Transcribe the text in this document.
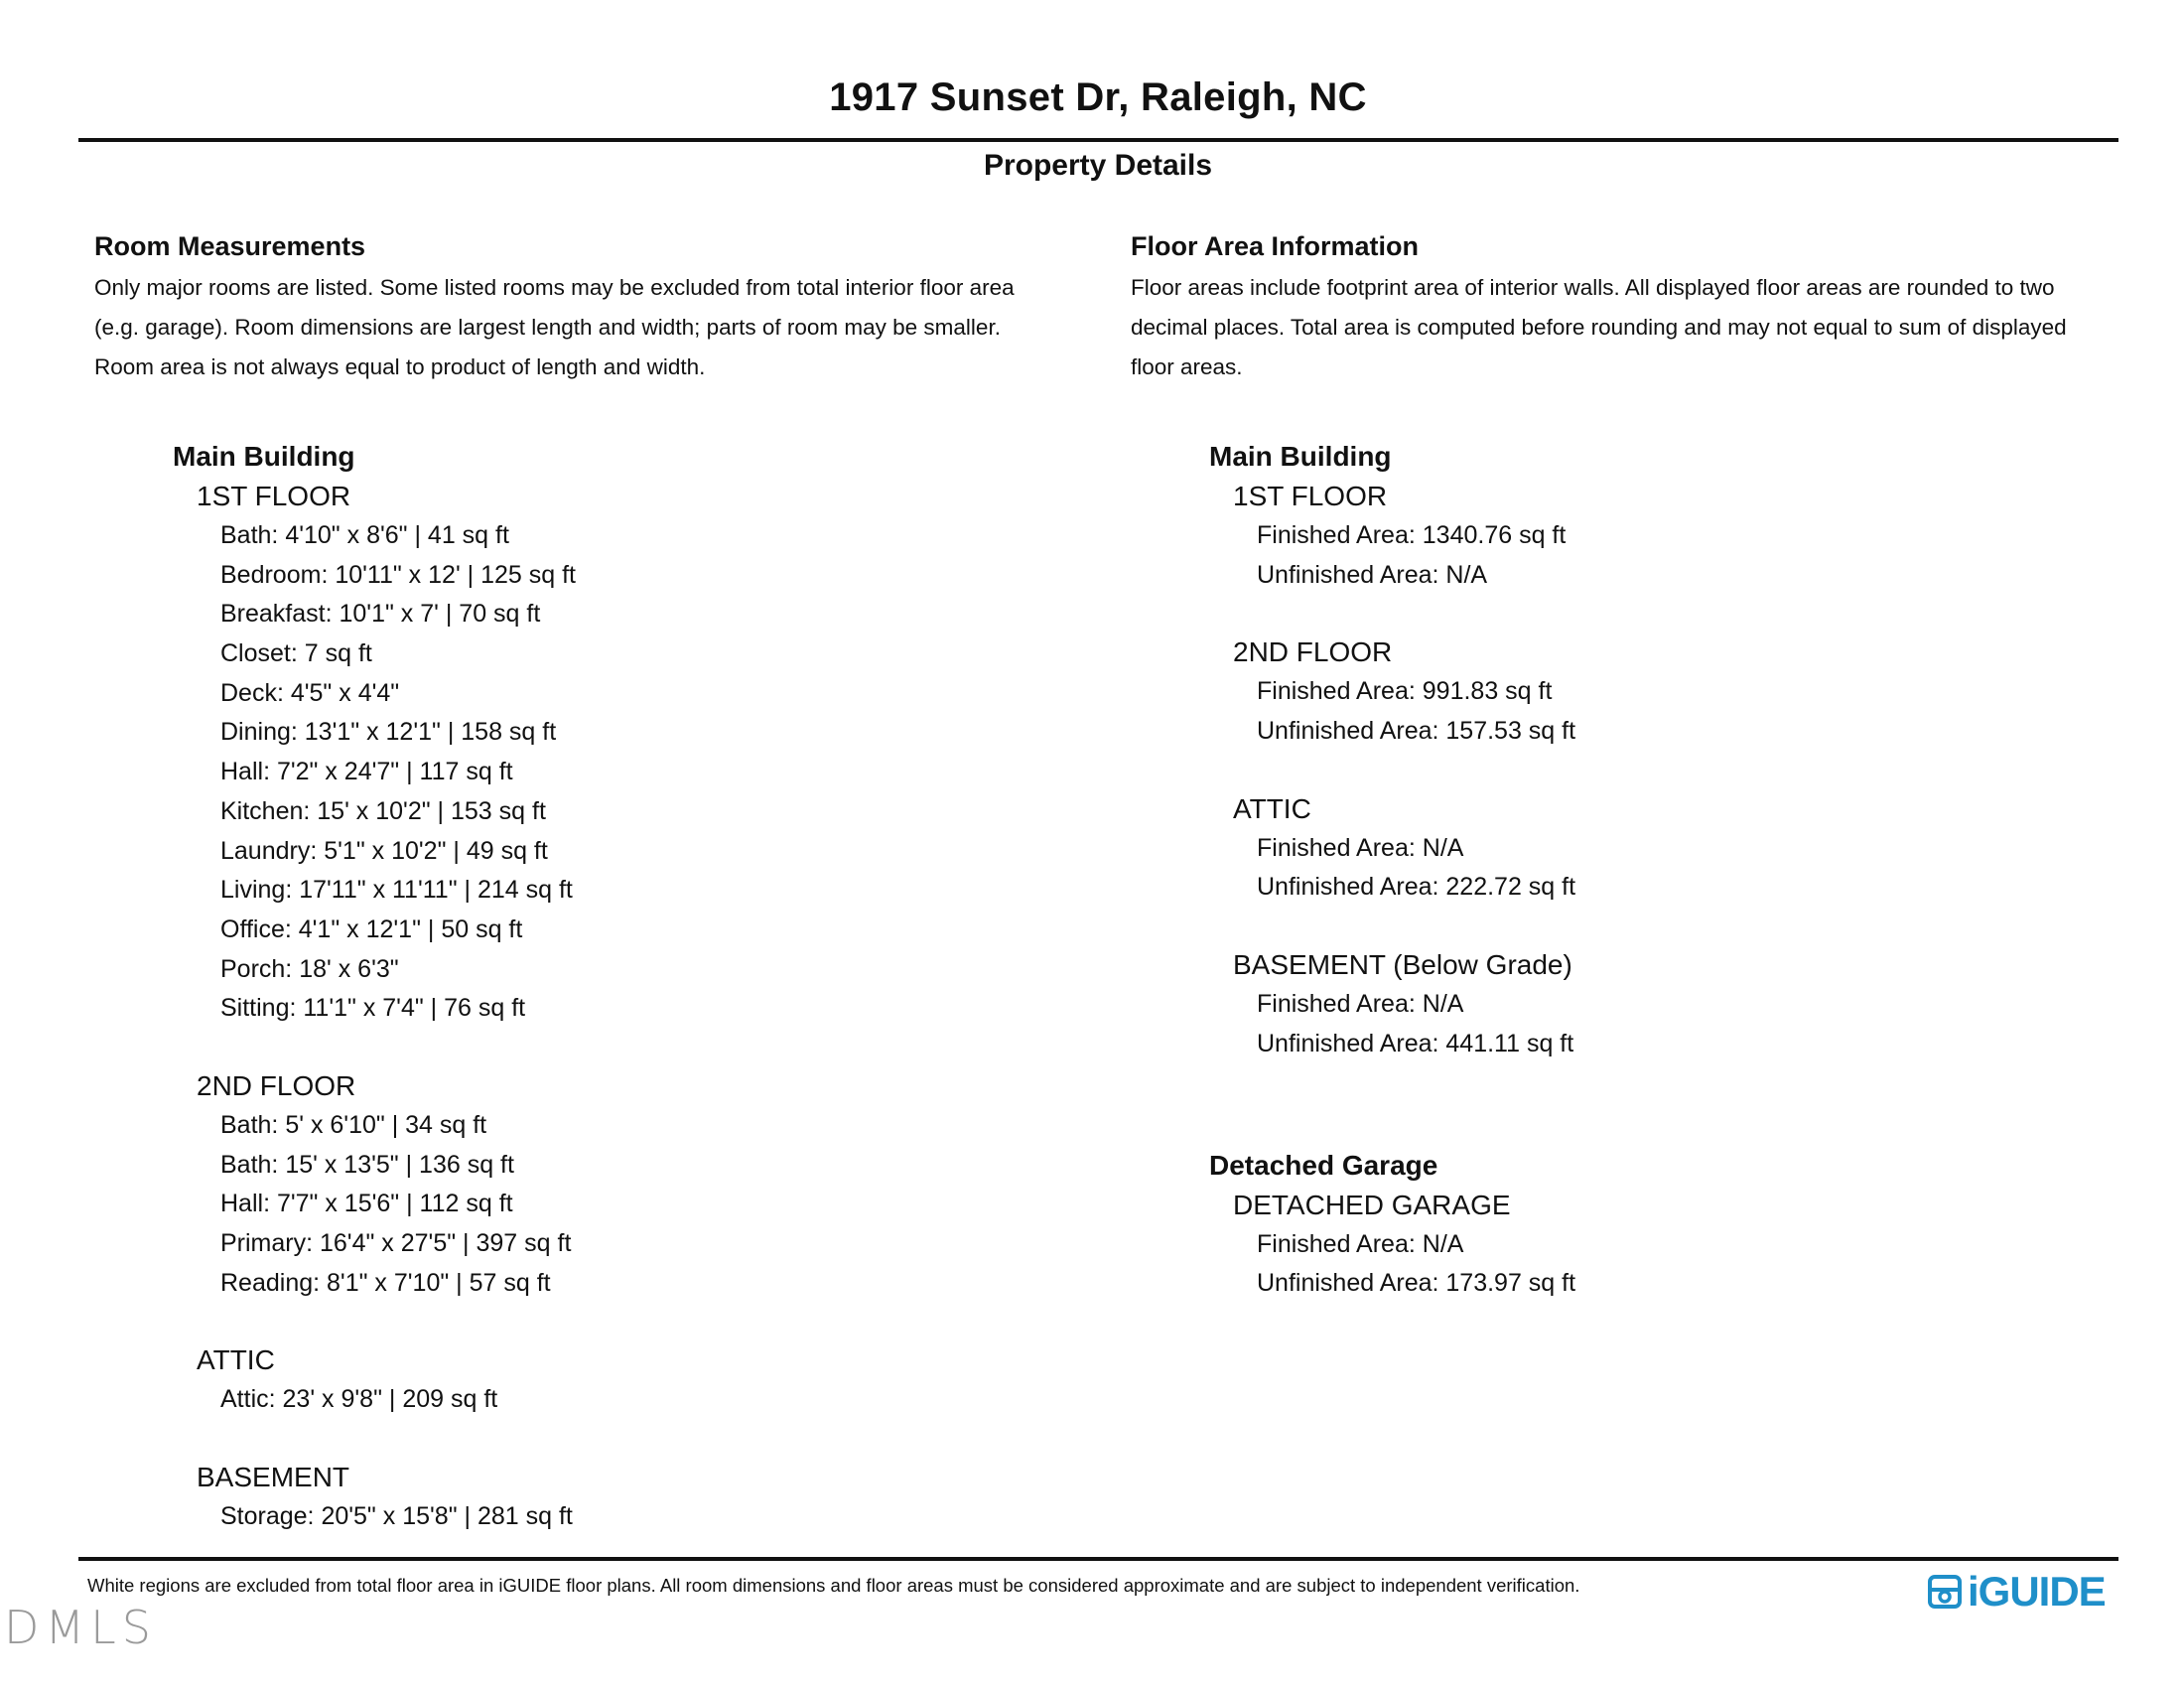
1917 Sunset Dr, Raleigh, NC
Property Details
Room Measurements
Only major rooms are listed. Some listed rooms may be excluded from total interior floor area
(e.g. garage). Room dimensions are largest length and width; parts of room may be smaller.
Room area is not always equal to product of length and width.
Main Building
1ST FLOOR
Bath: 4'10" x 8'6" | 41 sq ft
Bedroom: 10'11" x 12' | 125 sq ft
Breakfast: 10'1" x 7' | 70 sq ft
Closet: 7 sq ft
Deck: 4'5" x 4'4"
Dining: 13'1" x 12'1" | 158 sq ft
Hall: 7'2" x 24'7" | 117 sq ft
Kitchen: 15' x 10'2" | 153 sq ft
Laundry: 5'1" x 10'2" | 49 sq ft
Living: 17'11" x 11'11" | 214 sq ft
Office: 4'1" x 12'1" | 50 sq ft
Porch: 18' x 6'3"
Sitting: 11'1" x 7'4" | 76 sq ft
2ND FLOOR
Bath: 5' x 6'10" | 34 sq ft
Bath: 15' x 13'5" | 136 sq ft
Hall: 7'7" x 15'6" | 112 sq ft
Primary: 16'4" x 27'5" | 397 sq ft
Reading: 8'1" x 7'10" | 57 sq ft
ATTIC
Attic: 23' x 9'8" | 209 sq ft
BASEMENT
Storage: 20'5" x 15'8" | 281 sq ft
Floor Area Information
Floor areas include footprint area of interior walls. All displayed floor areas are rounded to two
decimal places. Total area is computed before rounding and may not equal to sum of displayed
floor areas.
Main Building
1ST FLOOR
Finished Area: 1340.76 sq ft
Unfinished Area: N/A
2ND FLOOR
Finished Area: 991.83 sq ft
Unfinished Area: 157.53 sq ft
ATTIC
Finished Area: N/A
Unfinished Area: 222.72 sq ft
BASEMENT (Below Grade)
Finished Area: N/A
Unfinished Area: 441.11 sq ft
Detached Garage
DETACHED GARAGE
Finished Area: N/A
Unfinished Area: 173.97 sq ft
White regions are excluded from total floor area in iGUIDE floor plans. All room dimensions and floor areas must be considered approximate and are subject to independent verification.	iGUIDE
DMLS
